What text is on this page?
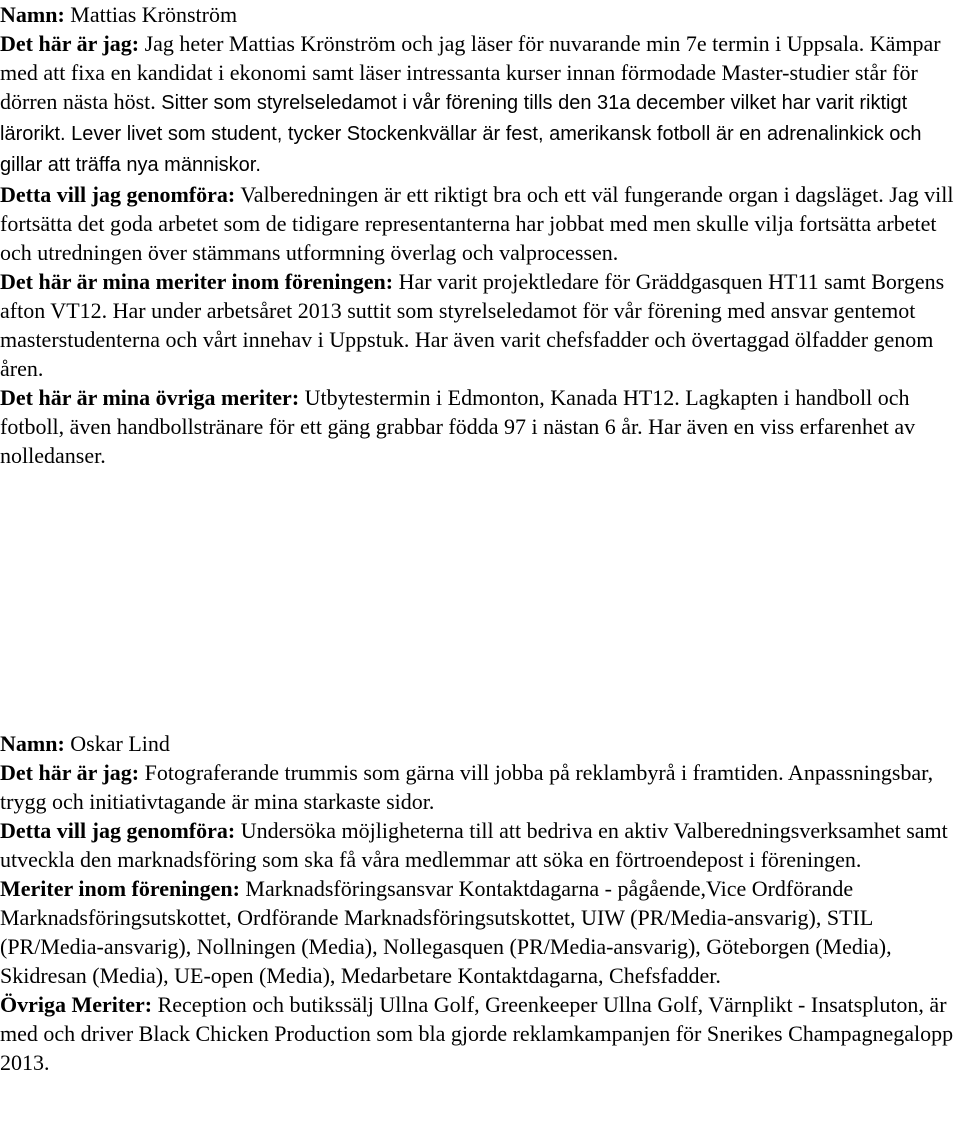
Namn: Mattias Krönström

Det här är jag: Jag heter Mattias Krönström och jag läser för nuvarande min 7e termin i Uppsala. Kämpar med att fixa en kandidat i ekonomi samt läser intressanta kurser innan förmodade Master-studier står för dörren nästa höst. Sitter som styrelseledamot i vår förening tills den 31a december vilket har varit riktigt lärorikt. Lever livet som student, tycker Stockenkvällar är fest, amerikansk fotboll är en adrenalinkick och gillar att träffa nya människor.

Detta vill jag genomföra: Valberedningen är ett riktigt bra och ett väl fungerande organ i dagsläget. Jag vill fortsätta det goda arbetet som de tidigare representanterna har jobbat med men skulle vilja fortsätta arbetet och utredningen över stämmans utformning överlag och valprocessen.

Det här är mina meriter inom föreningen: Har varit projektledare för Gräddgasquen HT11 samt Borgens afton VT12. Har under arbetsåret 2013 suttit som styrelseledamot för vår förening med ansvar gentemot masterstudenterna och vårt innehav i Uppstuk. Har även varit chefsfadder och övertaggad ölfadder genom åren.

Det här är mina övriga meriter: Utbytestermin i Edmonton, Kanada HT12. Lagkapten i handboll och fotboll, även handbollstränare för ett gäng grabbar födda 97 i nästan 6 år. Har även en viss erfarenhet av nolledanser.

Namn: Oskar Lind

Det här är jag: Fotograferande trummis som gärna vill jobba på reklambyrå i framtiden. Anpassningsbar, trygg och initiativtagande är mina starkaste sidor.

Detta vill jag genomföra: Undersöka möjligheterna till att bedriva en aktiv Valberedningsverksamhet samt utveckla den marknadsföring som ska få våra medlemmar att söka en förtroendepost i föreningen.

Meriter inom föreningen: Marknadsföringsansvar Kontaktdagarna - pågående,Vice Ordförande Marknadsföringsutskottet, Ordförande Marknadsföringsutskottet, UIW (PR/Media-ansvarig), STIL (PR/Media-ansvarig), Nollningen (Media), Nollegasquen (PR/Media-ansvarig), Göteborgen (Media), Skidresan (Media), UE-open (Media), Medarbetare Kontaktdagarna, Chefsfadder.

Övriga Meriter: Reception och butikssälj Ullna Golf, Greenkeeper Ullna Golf, Värnplikt - Insatspluton, är med och driver Black Chicken Production som bla gjorde reklamkampanjen för Snerikes Champagnegalopp 2013.
